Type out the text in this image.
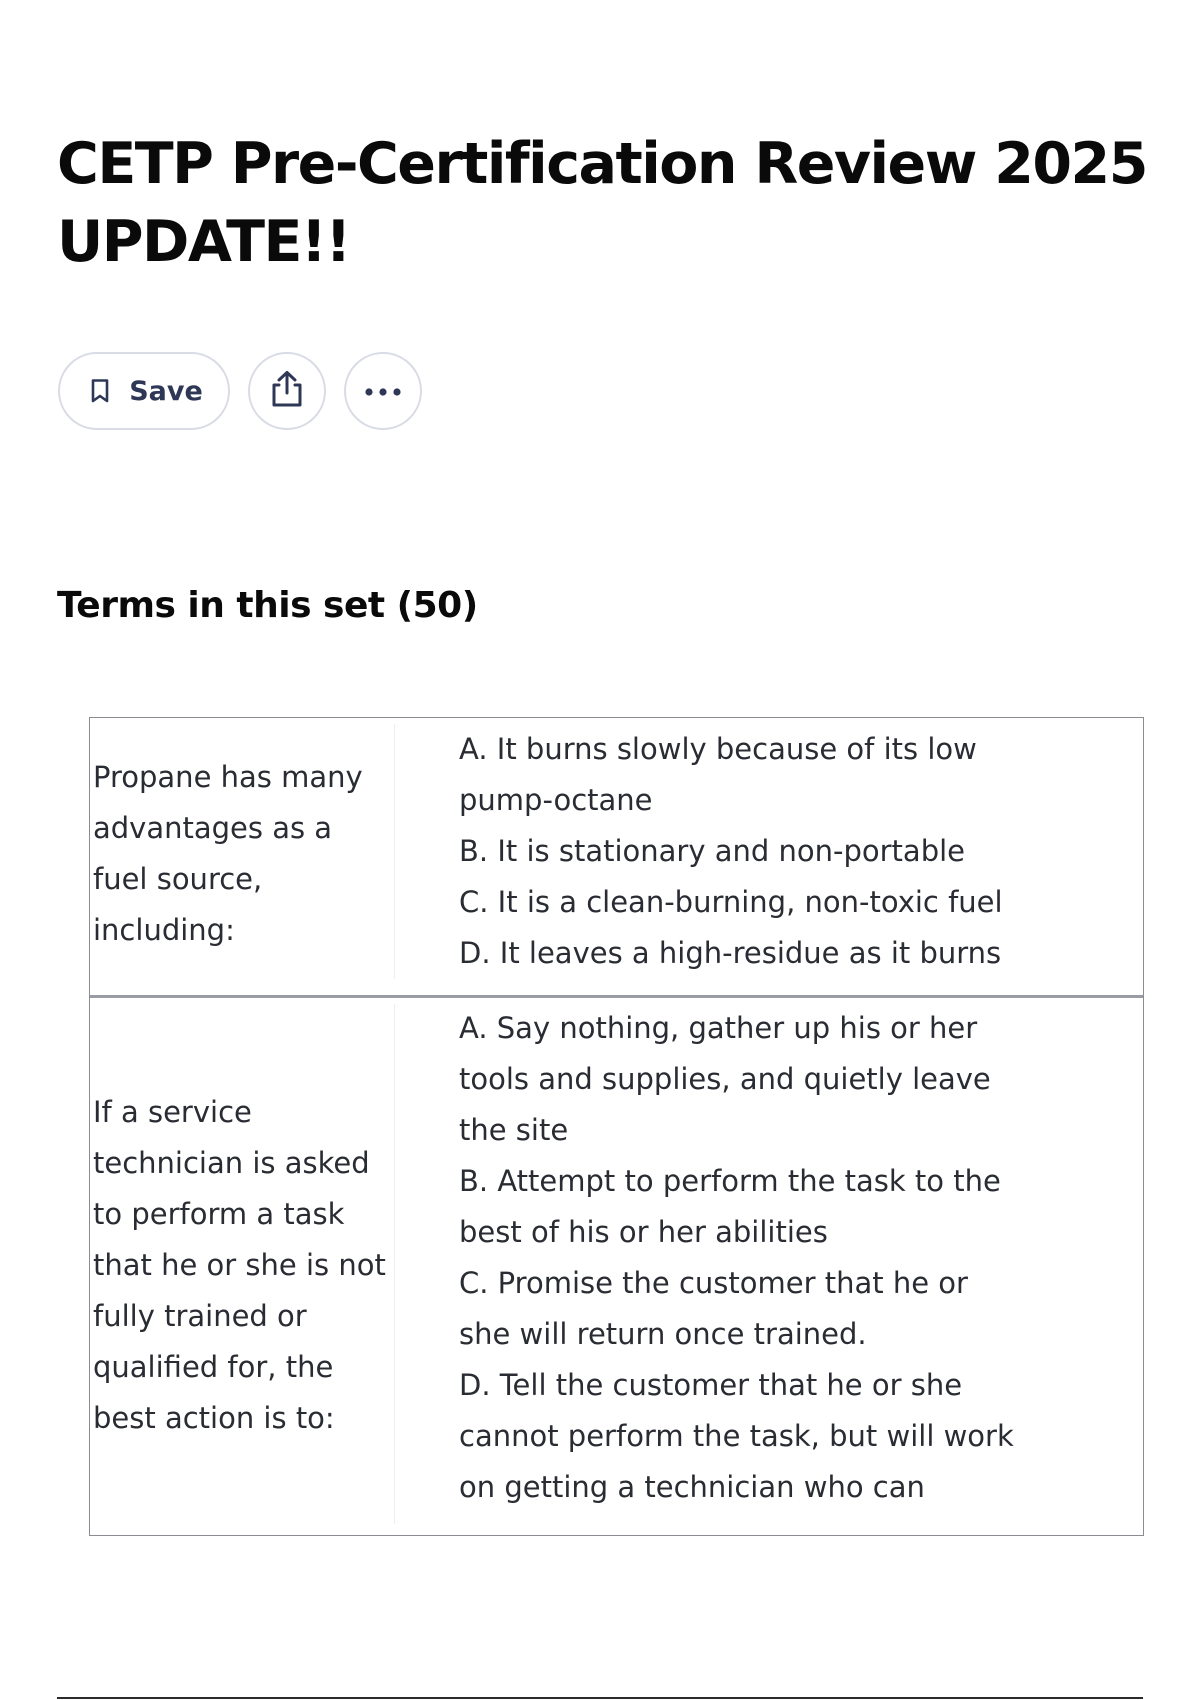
CETP Pre-Certification Review 2025 UPDATE!!
Save
Terms in this set (50)
Propane has many advantages as a fuel source, including:
A. It burns slowly because of its low pump-octane
B. It is stationary and non-portable
C. It is a clean-burning, non-toxic fuel
D. It leaves a high-residue as it burns
If a service technician is asked to perform a task that he or she is not fully trained or qualified for, the best action is to:
A. Say nothing, gather up his or her tools and supplies, and quietly leave the site
B. Attempt to perform the task to the best of his or her abilities
C. Promise the customer that he or she will return once trained.
D. Tell the customer that he or she cannot perform the task, but will work on getting a technician who can
